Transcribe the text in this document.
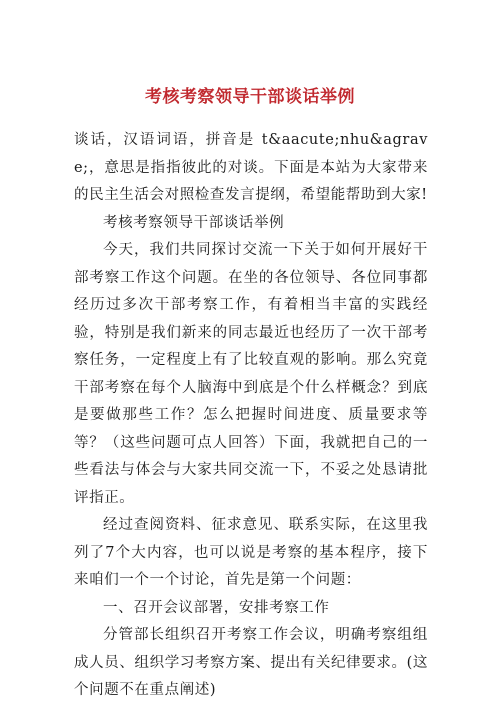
考核考察领导干部谈话举例

谈话，汉语词语，拼音是 t&aacute;nhu&agrave;，意思是指指彼此的对谈。下面是本站为大家带来的民主生活会对照检查发言提纲，希望能帮助到大家!

考核考察领导干部谈话举例

今天，我们共同探讨交流一下关于如何开展好干部考察工作这个问题。在坐的各位领导、各位同事都经历过多次干部考察工作，有着相当丰富的实践经验，特别是我们新来的同志最近也经历了一次干部考察任务，一定程度上有了比较直观的影响。那么究竟干部考察在每个人脑海中到底是个什么样概念？到底是要做那些工作？怎么把握时间进度、质量要求等等？（这些问题可点人回答）下面，我就把自己的一些看法与体会与大家共同交流一下，不妥之处恳请批评指正。

经过查阅资料、征求意见、联系实际，在这里我列了7个大内容，也可以说是考察的基本程序，接下来咱们一个一个讨论，首先是第一个问题：

一、召开会议部署，安排考察工作

分管部长组织召开考察工作会议，明确考察组组成人员、组织学习考察方案、提出有关纪律要求。(这个问题不在重点阐述)
